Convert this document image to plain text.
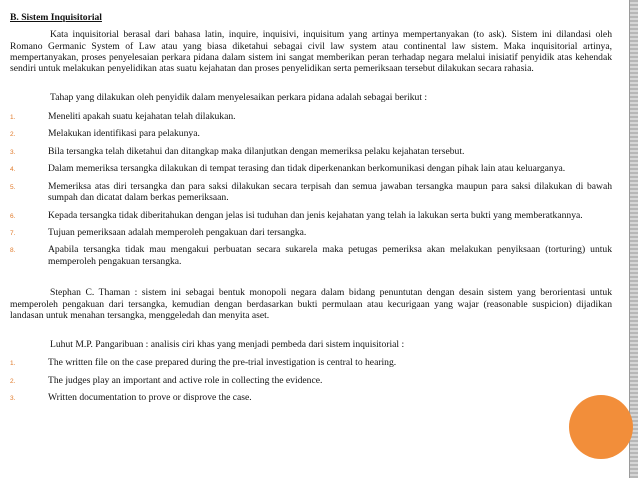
B. Sistem Inquisitorial

Kata inquisitorial berasal dari bahasa latin, inquire, inquisivi, inquisitum yang artinya mempertanyakan (to ask). Sistem ini dilandasi oleh Romano Germanic System of Law atau yang biasa diketahui sebagai civil law system atau continental law sistem. Maka inquisitorial artinya, mempertanyakan, proses penyelesaian perkara pidana dalam sistem ini sangat memberikan peran terhadap negara melalui inisiatif penyidik atas kehendak sendiri untuk melakukan penyelidikan atas suatu kejahatan dan proses penyelidikan serta pemeriksaan tersebut dilakukan secara rahasia.

Tahap yang dilakukan oleh penyidik dalam menyelesaikan perkara pidana adalah sebagai berikut :

1.	Meneliti apakah suatu kejahatan telah dilakukan.
2.	Melakukan identifikasi para pelakunya.
3.	Bila tersangka telah diketahui dan ditangkap maka dilanjutkan dengan memeriksa pelaku kejahatan tersebut.
4.	Dalam memeriksa tersangka dilakukan di tempat terasing dan tidak diperkenankan berkomunikasi dengan pihak lain atau keluarganya.
5.	Memeriksa atas diri tersangka dan para saksi dilakukan secara terpisah dan semua jawaban tersangka maupun para saksi dilakukan di bawah sumpah dan dicatat dalam berkas pemeriksaan.
6.	Kepada tersangka tidak diberitahukan dengan jelas isi tuduhan dan jenis kejahatan yang telah ia lakukan serta bukti yang memberatkannya.
7.	Tujuan pemeriksaan adalah memperoleh pengakuan dari tersangka.
8.	Apabila tersangka tidak mau mengakui perbuatan secara sukarela maka petugas pemeriksa akan melakukan penyiksaan (torturing) untuk memperoleh pengakuan tersangka.

Stephan C. Thaman : sistem ini sebagai bentuk monopoli negara dalam bidang penuntutan dengan desain sistem yang berorientasi untuk memperoleh pengakuan dari tersangka, kemudian dengan berdasarkan bukti permulaan atau kecurigaan yang wajar (reasonable suspicion) dijadikan landasan untuk menahan tersangka, menggeledah dan menyita aset.

Luhut M.P. Pangaribuan : analisis ciri khas yang menjadi pembeda dari sistem inquisitorial :

1.	The written file on the case prepared during the pre-trial investigation is central to hearing.
2.	The judges play an important and active role in collecting the evidence.
3.	Written documentation to prove or disprove the case.
